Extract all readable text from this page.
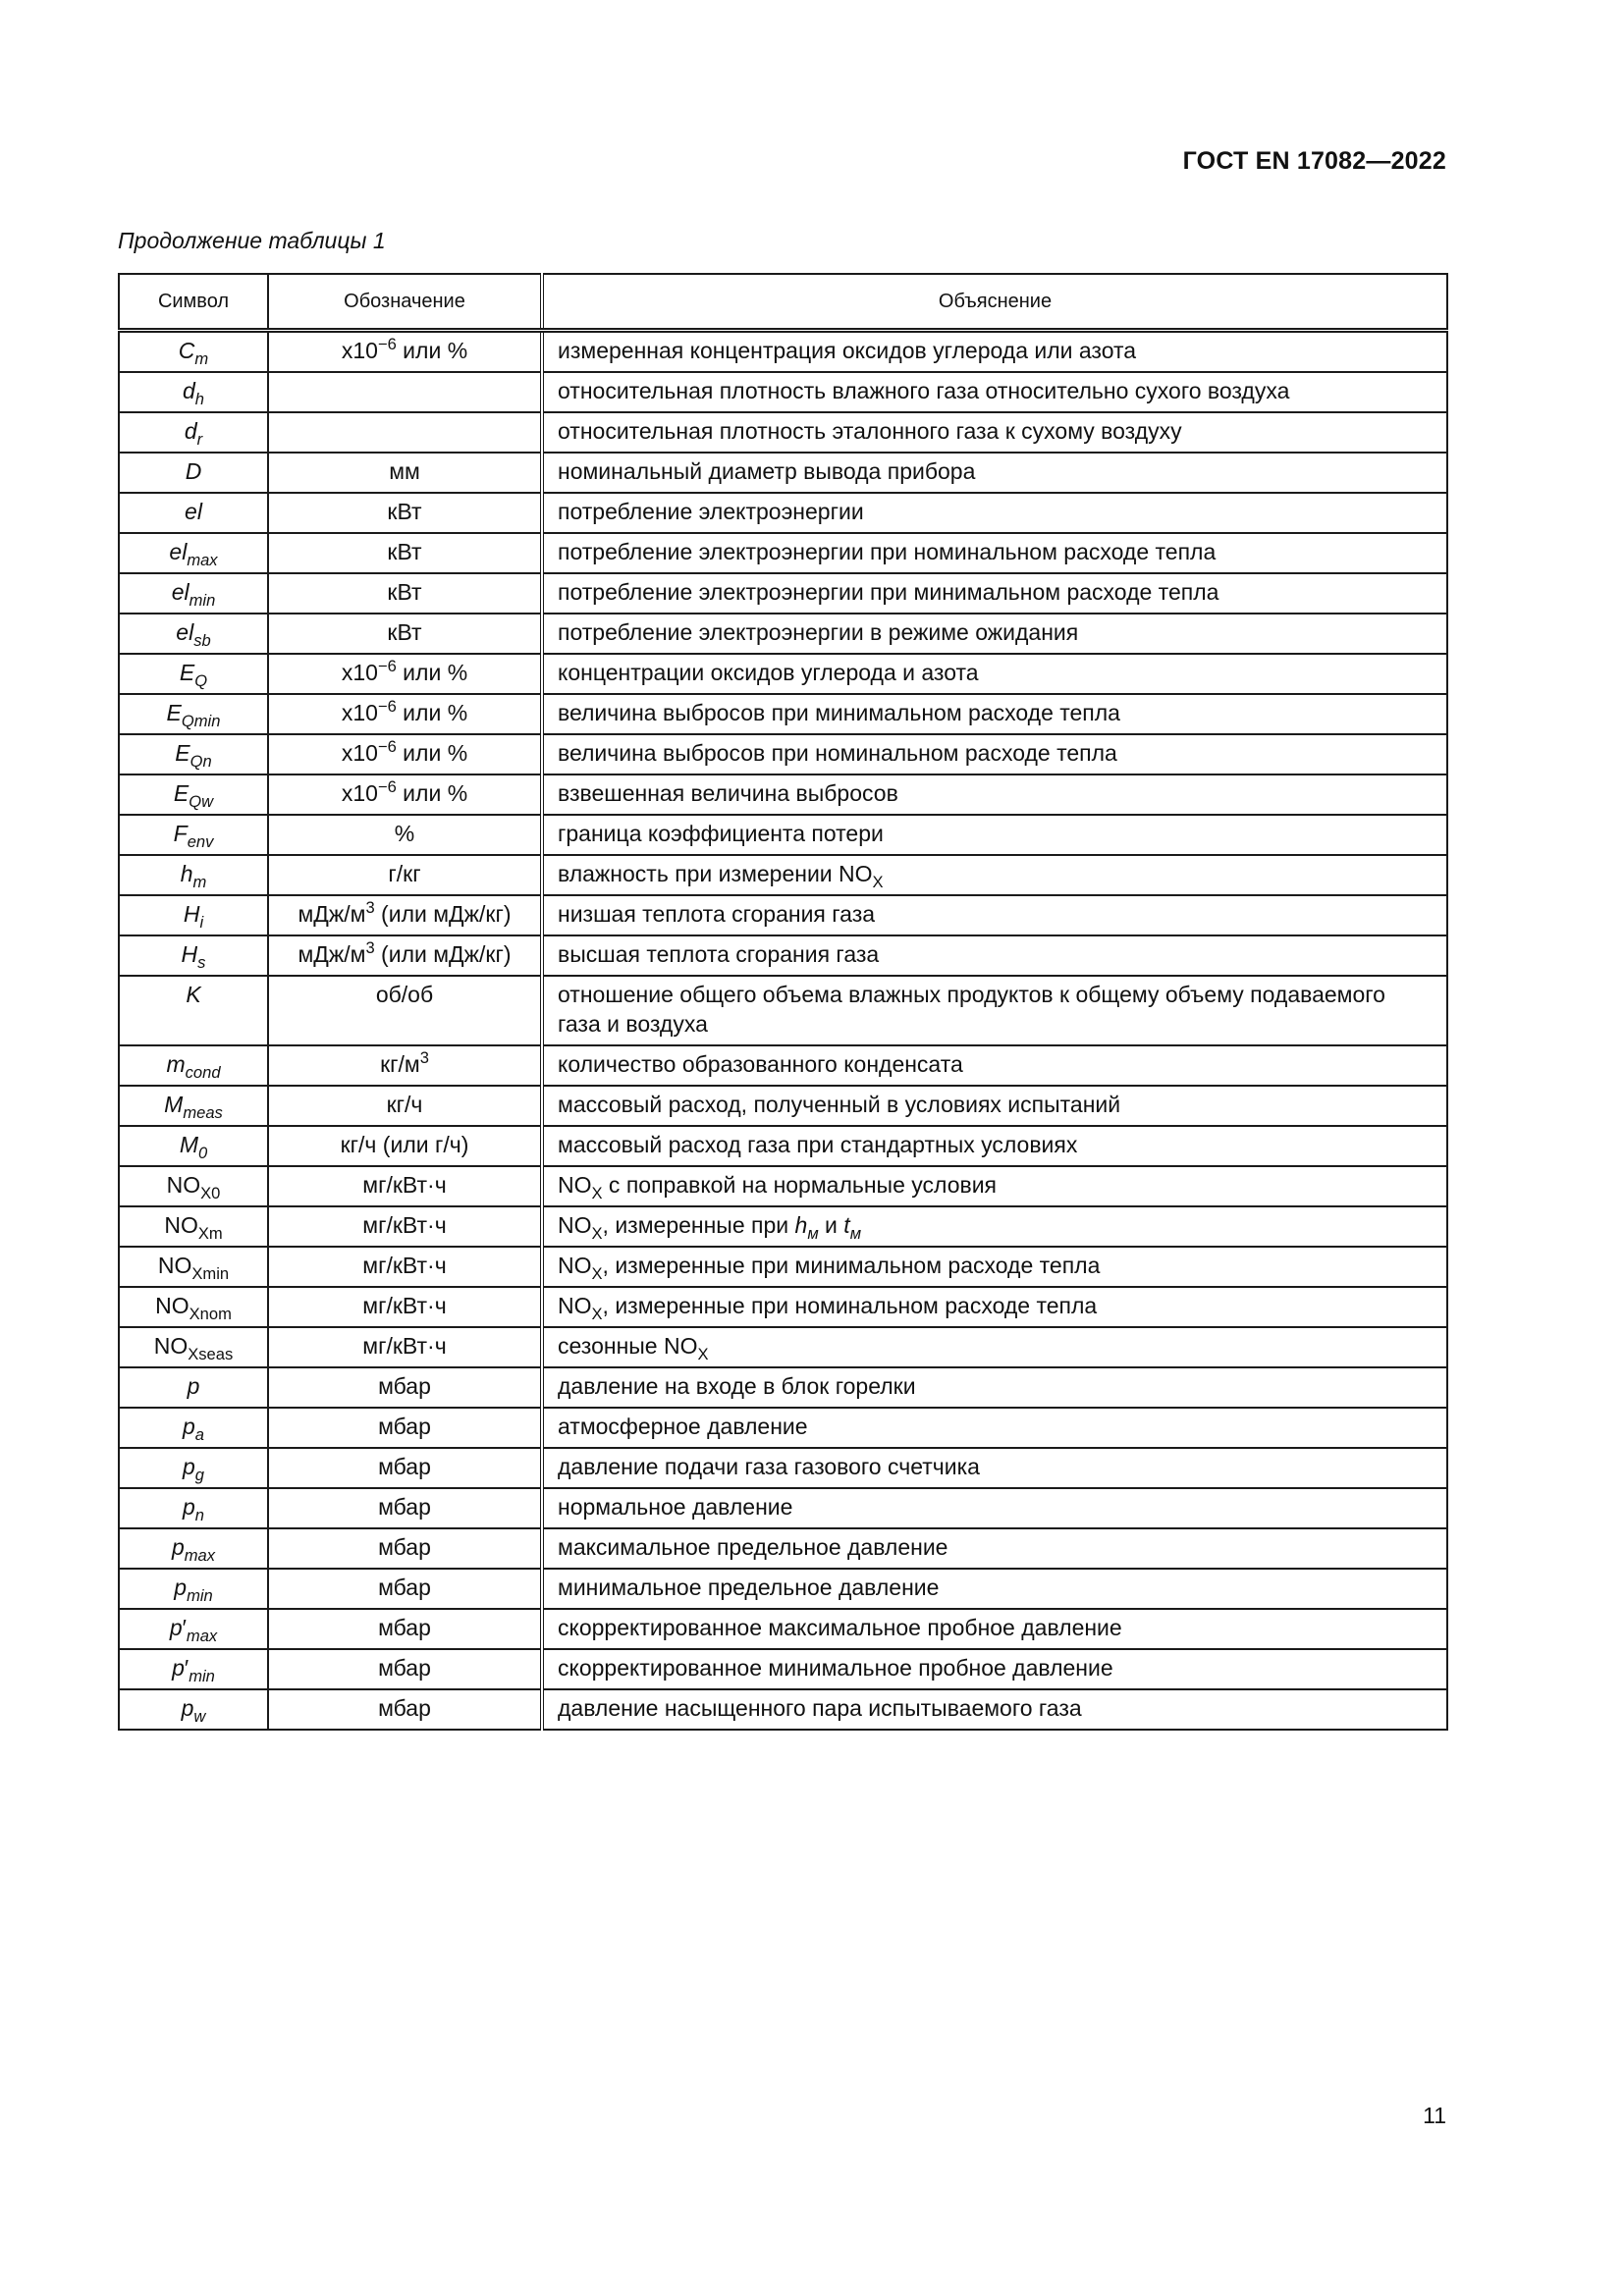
ГОСТ EN 17082—2022
Продолжение таблицы 1
Символ	Обозначение	Объяснение
$C_m$	$х10^{-6}$ или %	измеренная концентрация оксидов углерода или азота
$d_h$		относительная плотность влажного газа относительно сухого воздуха
$d_r$		относительная плотность эталонного газа к сухому воздуху
D	мм	номинальный диаметр вывода прибора
el	кВт	потребление электроэнергии
$el_{max}$	кВт	потребление электроэнергии при номинальном расходе тепла
$el_{min}$	кВт	потребление электроэнергии при минимальном расходе тепла
$el_{sb}$	кВт	потребление электроэнергии в режиме ожидания
$E_Q$	$х10^{-6}$ или %	концентрации оксидов углерода и азота
$E_{Qmin}$	$х10^{-6}$ или %	величина выбросов при минимальном расходе тепла
$E_{Qn}$	$х10^{-6}$ или %	величина выбросов при номинальном расходе тепла
$E_{Qw}$	$х10^{-6}$ или %	взвешенная величина выбросов
$F_{env}$	%	граница коэффициента потери
$h_m$	г/кг	влажность при измерении $NO_X$
$H_i$	мДж/$м^3$ (или мДж/кг)	низшая теплота сгорания газа
$H_s$	мДж/$м^3$ (или мДж/кг)	высшая теплота сгорания газа
K	об/об	отношение общего объема влажных продуктов к общему объему подаваемого газа и воздуха
$m_{cond}$	$кг/м^3$	количество образованного конденсата
$M_{meas}$	кг/ч	массовый расход, полученный в условиях испытаний
$M_0$	кг/ч (или г/ч)	массовый расход газа при стандартных условиях
$NO_{X0}$	мг/кВт·ч	$NO_X$ с поправкой на нормальные условия
$NO_{Xm}$	мг/кВт·ч	$NO_X$, измеренные при $h_м$ и $t_м$
$NO_{Xmin}$	мг/кВт·ч	$NO_X$, измеренные при минимальном расходе тепла
$NO_{Xnom}$	мг/кВт·ч	$NO_X$, измеренные при номинальном расходе тепла
$NO_{Xseas}$	мг/кВт·ч	сезонные $NO_X$
p	мбар	давление на входе в блок горелки
$p_a$	мбар	атмосферное давление
$p_g$	мбар	давление подачи газа газового счетчика
$p_n$	мбар	нормальное давление
$p_{max}$	мбар	максимальное предельное давление
$p_{min}$	мбар	минимальное предельное давление
$p'_{max}$	мбар	скорректированное максимальное пробное давление
$p'_{min}$	мбар	скорректированное минимальное пробное давление
$p_w$	мбар	давление насыщенного пара испытываемого газа
11
